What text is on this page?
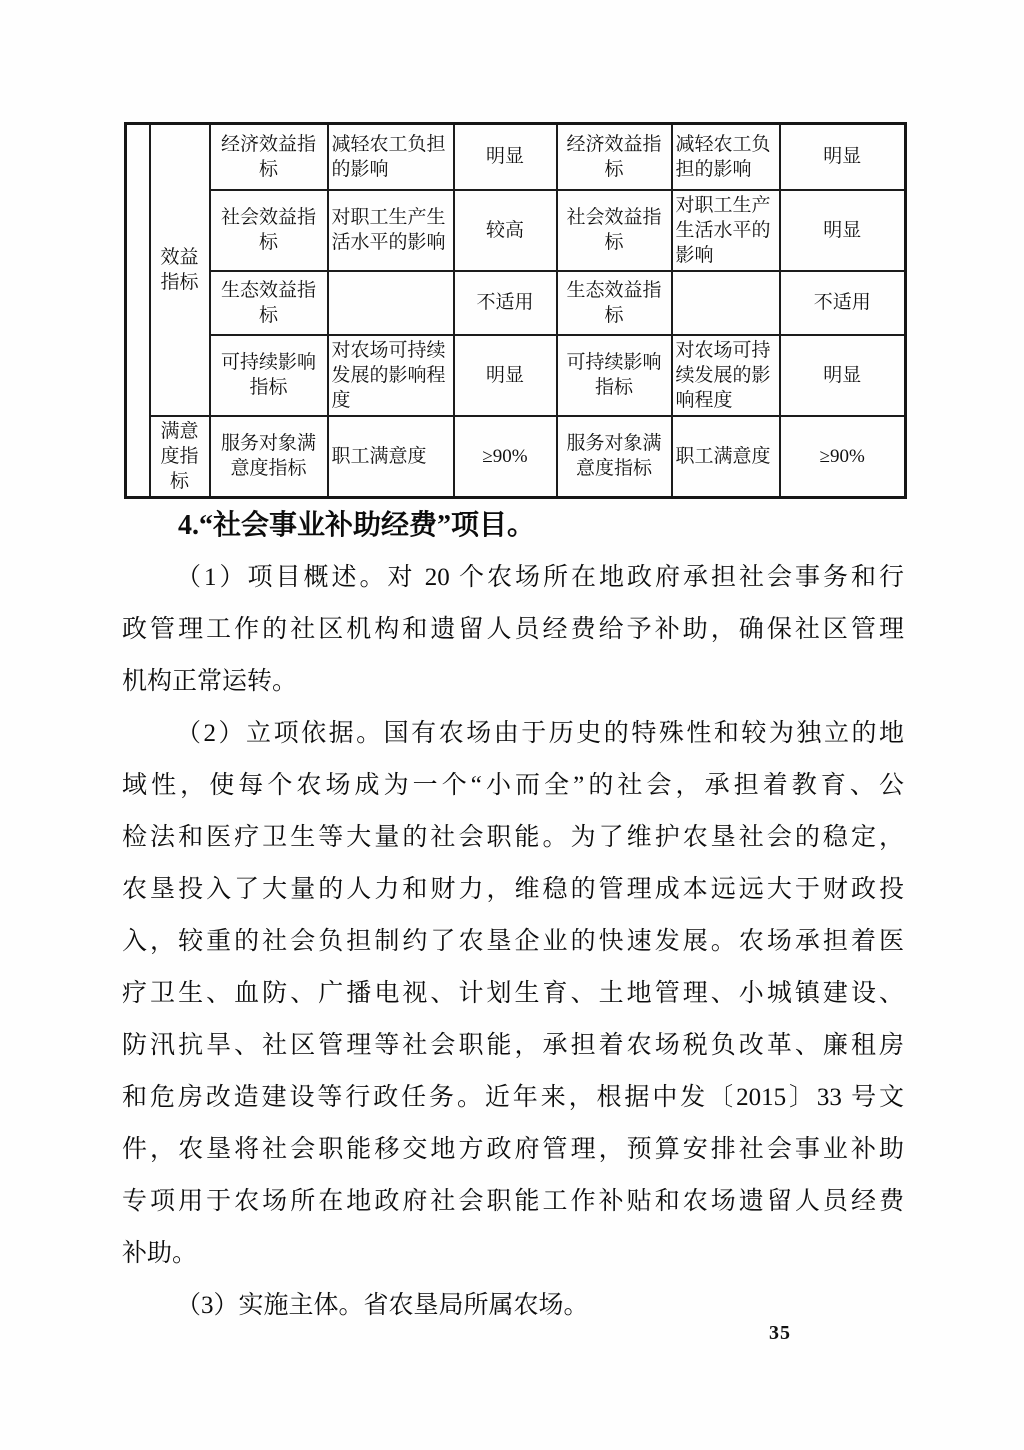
	效益指标	经济效益指标	减轻农工负担的影响	明显	经济效益指标	减轻农工负担的影响	明显
		社会效益指标	对职工生产生活水平的影响	较高	社会效益指标	对职工生产生活水平的影响	明显
		生态效益指标		不适用	生态效益指标		不适用
		可持续影响指标	对农场可持续发展的影响程度	明显	可持续影响指标	对农场可持续发展的影响程度	明显
	满意度指标	服务对象满意度指标	职工满意度	≥90%	服务对象满意度指标	职工满意度	≥90%
4.“社会事业补助经费”项目。
（1）项目概述。对 20 个农场所在地政府承担社会事务和行
政管理工作的社区机构和遗留人员经费给予补助，确保社区管理
机构正常运转。
（2）立项依据。国有农场由于历史的特殊性和较为独立的地
域性，使每个农场成为一个“小而全”的社会，承担着教育、公
检法和医疗卫生等大量的社会职能。为了维护农垦社会的稳定，
农垦投入了大量的人力和财力，维稳的管理成本远远大于财政投
入，较重的社会负担制约了农垦企业的快速发展。农场承担着医
疗卫生、血防、广播电视、计划生育、土地管理、小城镇建设、
防汛抗旱、社区管理等社会职能，承担着农场税负改革、廉租房
和危房改造建设等行政任务。近年来，根据中发〔2015〕33 号文
件，农垦将社会职能移交地方政府管理，预算安排社会事业补助
专项用于农场所在地政府社会职能工作补贴和农场遗留人员经费
补助。
（3）实施主体。省农垦局所属农场。
35
